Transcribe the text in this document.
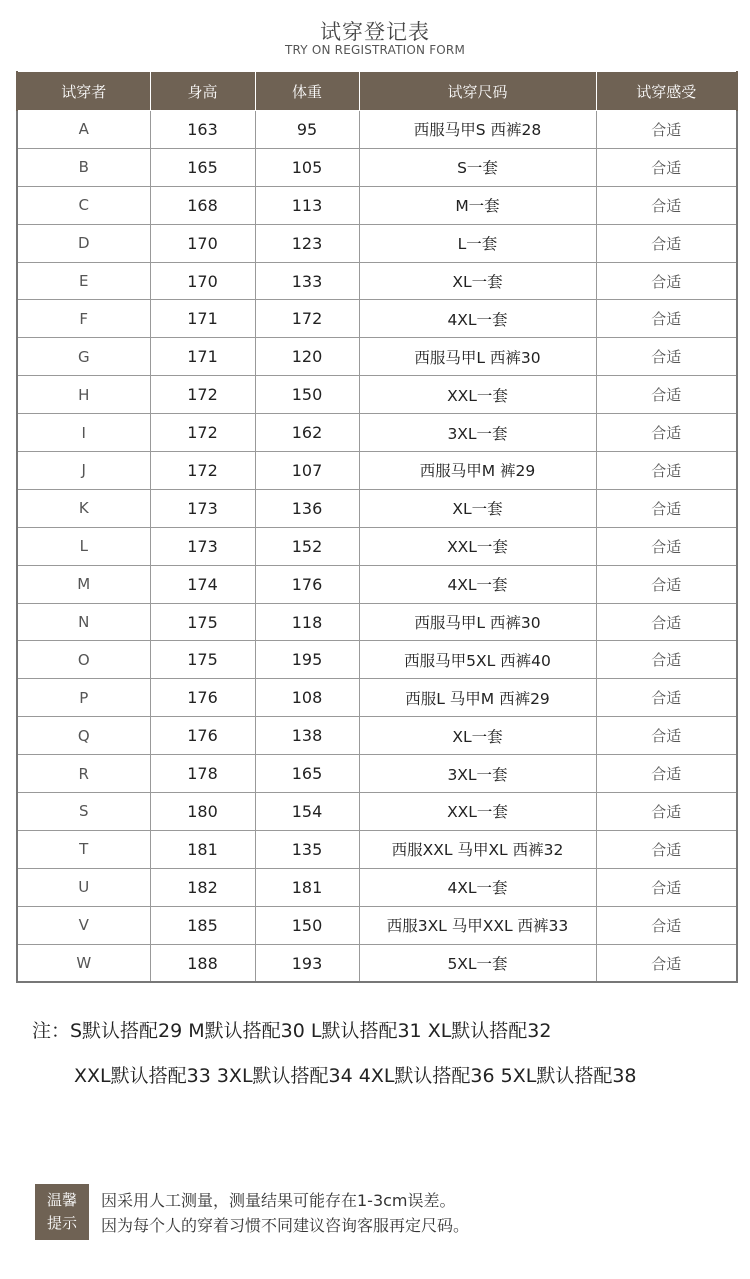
试穿登记表
TRY ON REGISTRATION FORM
试穿者	身高	体重	试穿尺码	试穿感受
A	163	95	西服马甲S 西裤28	合适
B	165	105	S一套	合适
C	168	113	M一套	合适
D	170	123	L一套	合适
E	170	133	XL一套	合适
F	171	172	4XL一套	合适
G	171	120	西服马甲L 西裤30	合适
H	172	150	XXL一套	合适
I	172	162	3XL一套	合适
J	172	107	西服马甲M 裤29	合适
K	173	136	XL一套	合适
L	173	152	XXL一套	合适
M	174	176	4XL一套	合适
N	175	118	西服马甲L 西裤30	合适
O	175	195	西服马甲5XL 西裤40	合适
P	176	108	西服L 马甲M 西裤29	合适
Q	176	138	XL一套	合适
R	178	165	3XL一套	合适
S	180	154	XXL一套	合适
T	181	135	西服XXL 马甲XL 西裤32	合适
U	182	181	4XL一套	合适
V	185	150	西服3XL 马甲XXL 西裤33	合适
W	188	193	5XL一套	合适
注：S默认搭配29 M默认搭配30 L默认搭配31 XL默认搭配32
XXL默认搭配33 3XL默认搭配34 4XL默认搭配36 5XL默认搭配38
温馨
提示
因采用人工测量，测量结果可能存在1-3cm误差。
因为每个人的穿着习惯不同建议咨询客服再定尺码。
